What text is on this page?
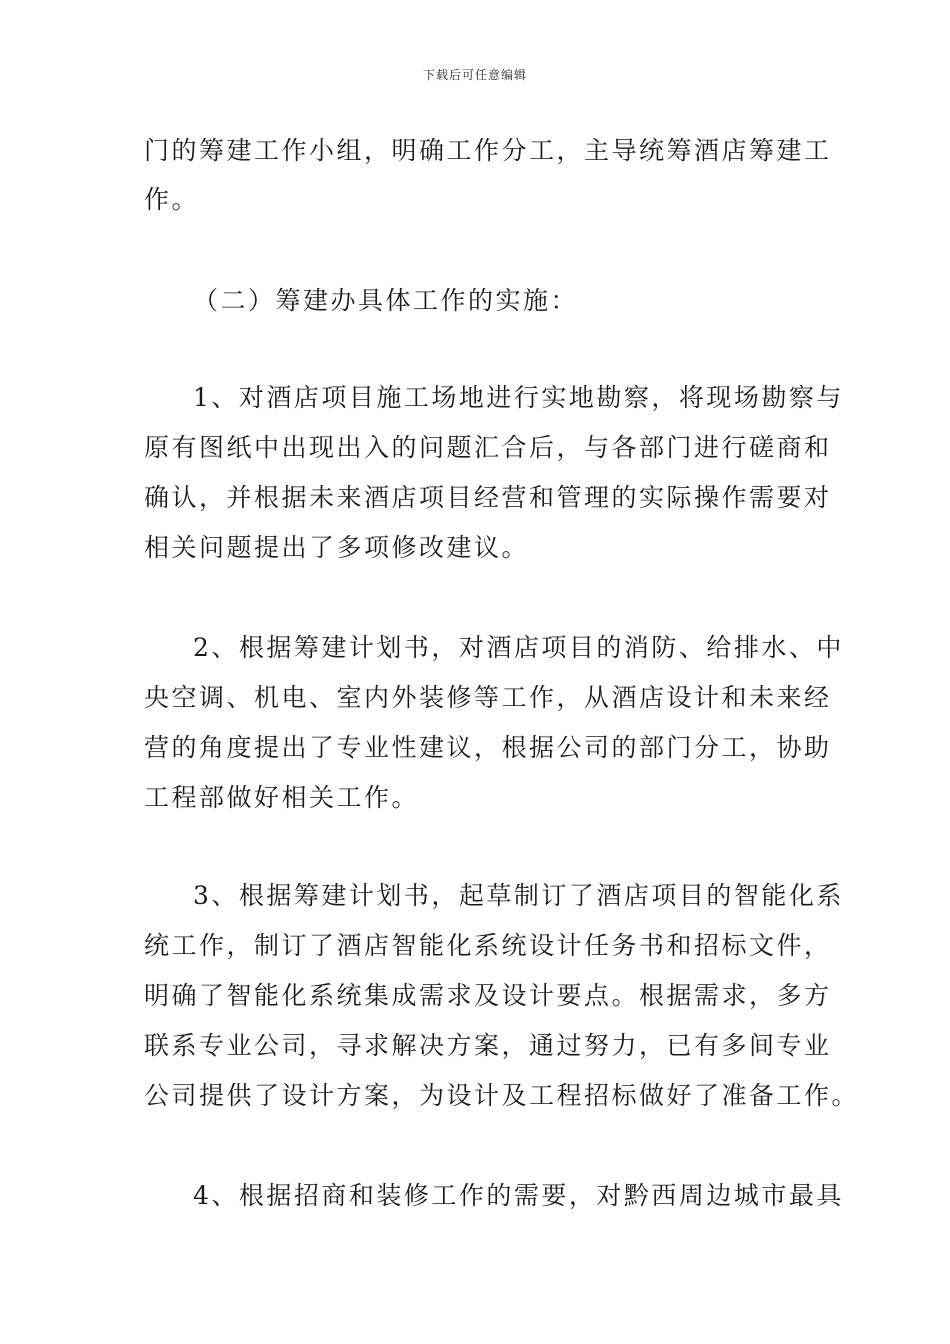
下载后可任意编辑
门的筹建工作小组，明确工作分工，主导统筹酒店筹建工
作。
（二）筹建办具体工作的实施：
1、对酒店项目施工场地进行实地勘察，将现场勘察与
原有图纸中出现出入的问题汇合后，与各部门进行磋商和
确认，并根据未来酒店项目经营和管理的实际操作需要对
相关问题提出了多项修改建议。
2、根据筹建计划书，对酒店项目的消防、给排水、中
央空调、机电、室内外装修等工作，从酒店设计和未来经
营的角度提出了专业性建议，根据公司的部门分工，协助
工程部做好相关工作。
3、根据筹建计划书，起草制订了酒店项目的智能化系
统工作，制订了酒店智能化系统设计任务书和招标文件，
明确了智能化系统集成需求及设计要点。根据需求，多方
联系专业公司，寻求解决方案，通过努力，已有多间专业
公司提供了设计方案，为设计及工程招标做好了准备工作。
4、根据招商和装修工作的需要，对黔西周边城市最具
